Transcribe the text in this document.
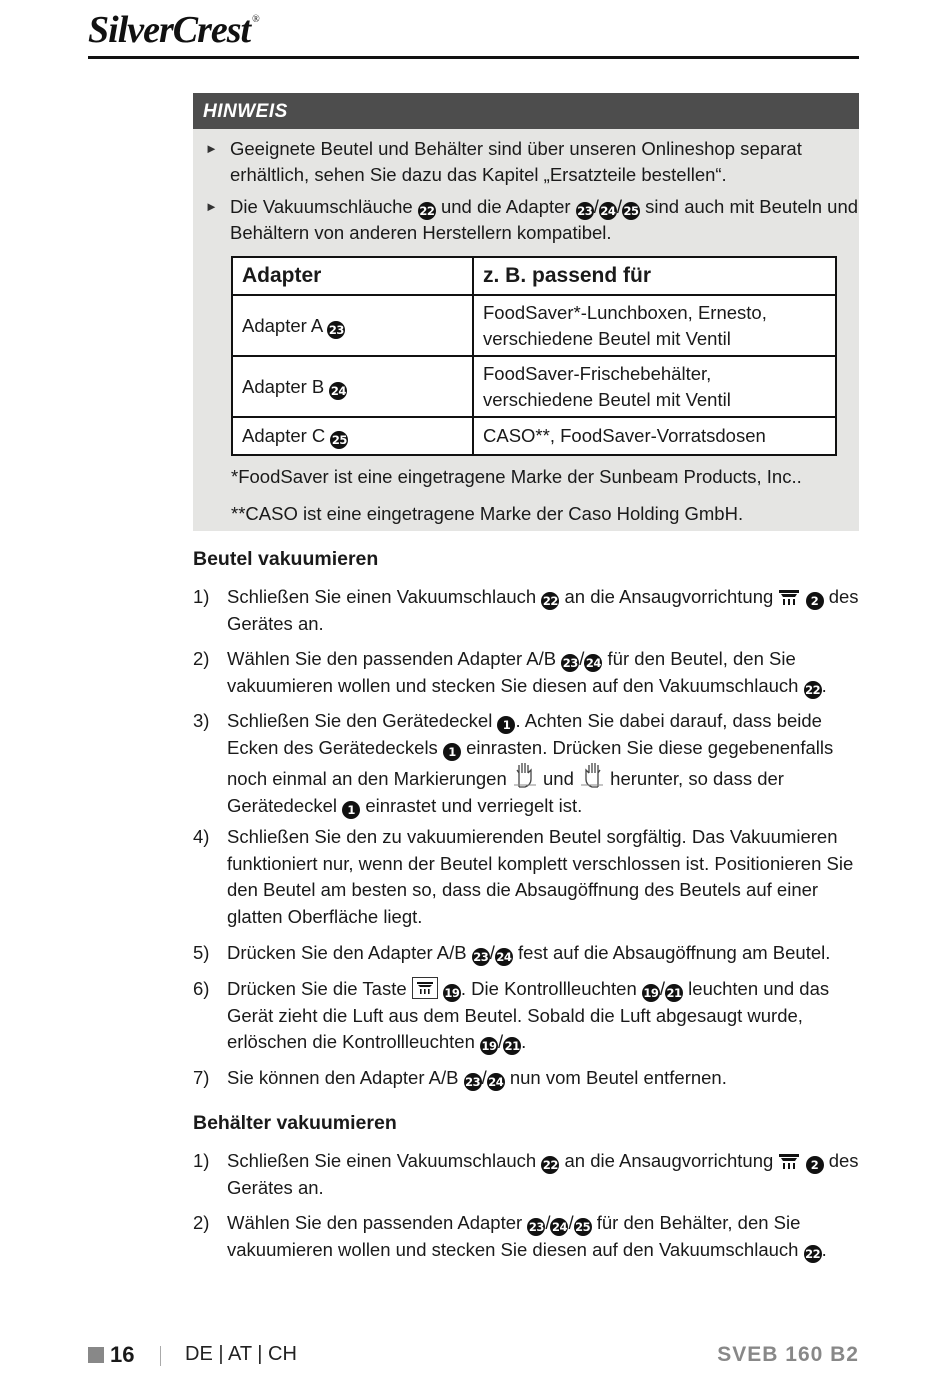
SilverCrest ®
HINWEIS
► Geeignete Beutel und Behälter sind über unseren Onlineshop separat erhältlich, sehen Sie dazu das Kapitel „Ersatzteile bestellen“.
► Die Vakuumschläuche 22 und die Adapter 23/24/25 sind auch mit Beuteln und Behältern von anderen Herstellern kompatibel.
Adapter	z. B. passend für
Adapter A 23	FoodSaver*-Lunchboxen, Ernesto, verschiedene Beutel mit Ventil
Adapter B 24	FoodSaver-Frischebehälter, verschiedene Beutel mit Ventil
Adapter C 25	CASO**, FoodSaver-Vorratsdosen
*FoodSaver ist eine eingetragene Marke der Sunbeam Products, Inc..
**CASO ist eine eingetragene Marke der Caso Holding GmbH.
Beutel vakuumieren
1) Schließen Sie einen Vakuumschlauch 22 an die Ansaugvorrichtung	2 des Gerätes an.
2) Wählen Sie den passenden Adapter A/B 23/24 für den Beutel, den Sie vakuumieren wollen und stecken Sie diesen auf den Vakuumschlauch 22.
3) Schließen Sie den Gerätedeckel 1 . Achten Sie dabei darauf, dass beide Ecken des Gerätedeckels 1 einrasten. Drücken Sie diese gegebenenfalls noch einmal an den Markierungen  und  herunter, so dass der Gerätedeckel 1 einrastet und verriegelt ist.
4) Schließen Sie den zu vakuumierenden Beutel sorgfältig. Das Vakuumieren funktioniert nur, wenn der Beutel komplett verschlossen ist. Positionieren Sie den Beutel am besten so, dass die Absaugöffnung des Beutels auf einer glatten Oberfläche liegt.
5) Drücken Sie den Adapter A/B 23/24 fest auf die Absaugöffnung am Beutel.
6) Drücken Sie die Taste	19. Die Kontrollleuchten 19/21 leuchten und das Gerät zieht die Luft aus dem Beutel. Sobald die Luft abgesaugt wurde, erlöschen die Kontrollleuchten 19/21.
7) Sie können den Adapter A/B 23/24 nun vom Beutel entfernen.
Behälter vakuumieren
1) Schließen Sie einen Vakuumschlauch 22 an die Ansaugvorrichtung	2 des Gerätes an.
2) Wählen Sie den passenden Adapter 23/24/25 für den Behälter, den Sie vakuumieren wollen und stecken Sie diesen auf den Vakuumschlauch 22.
16	DE | AT | CH	SVEB 160 B2
